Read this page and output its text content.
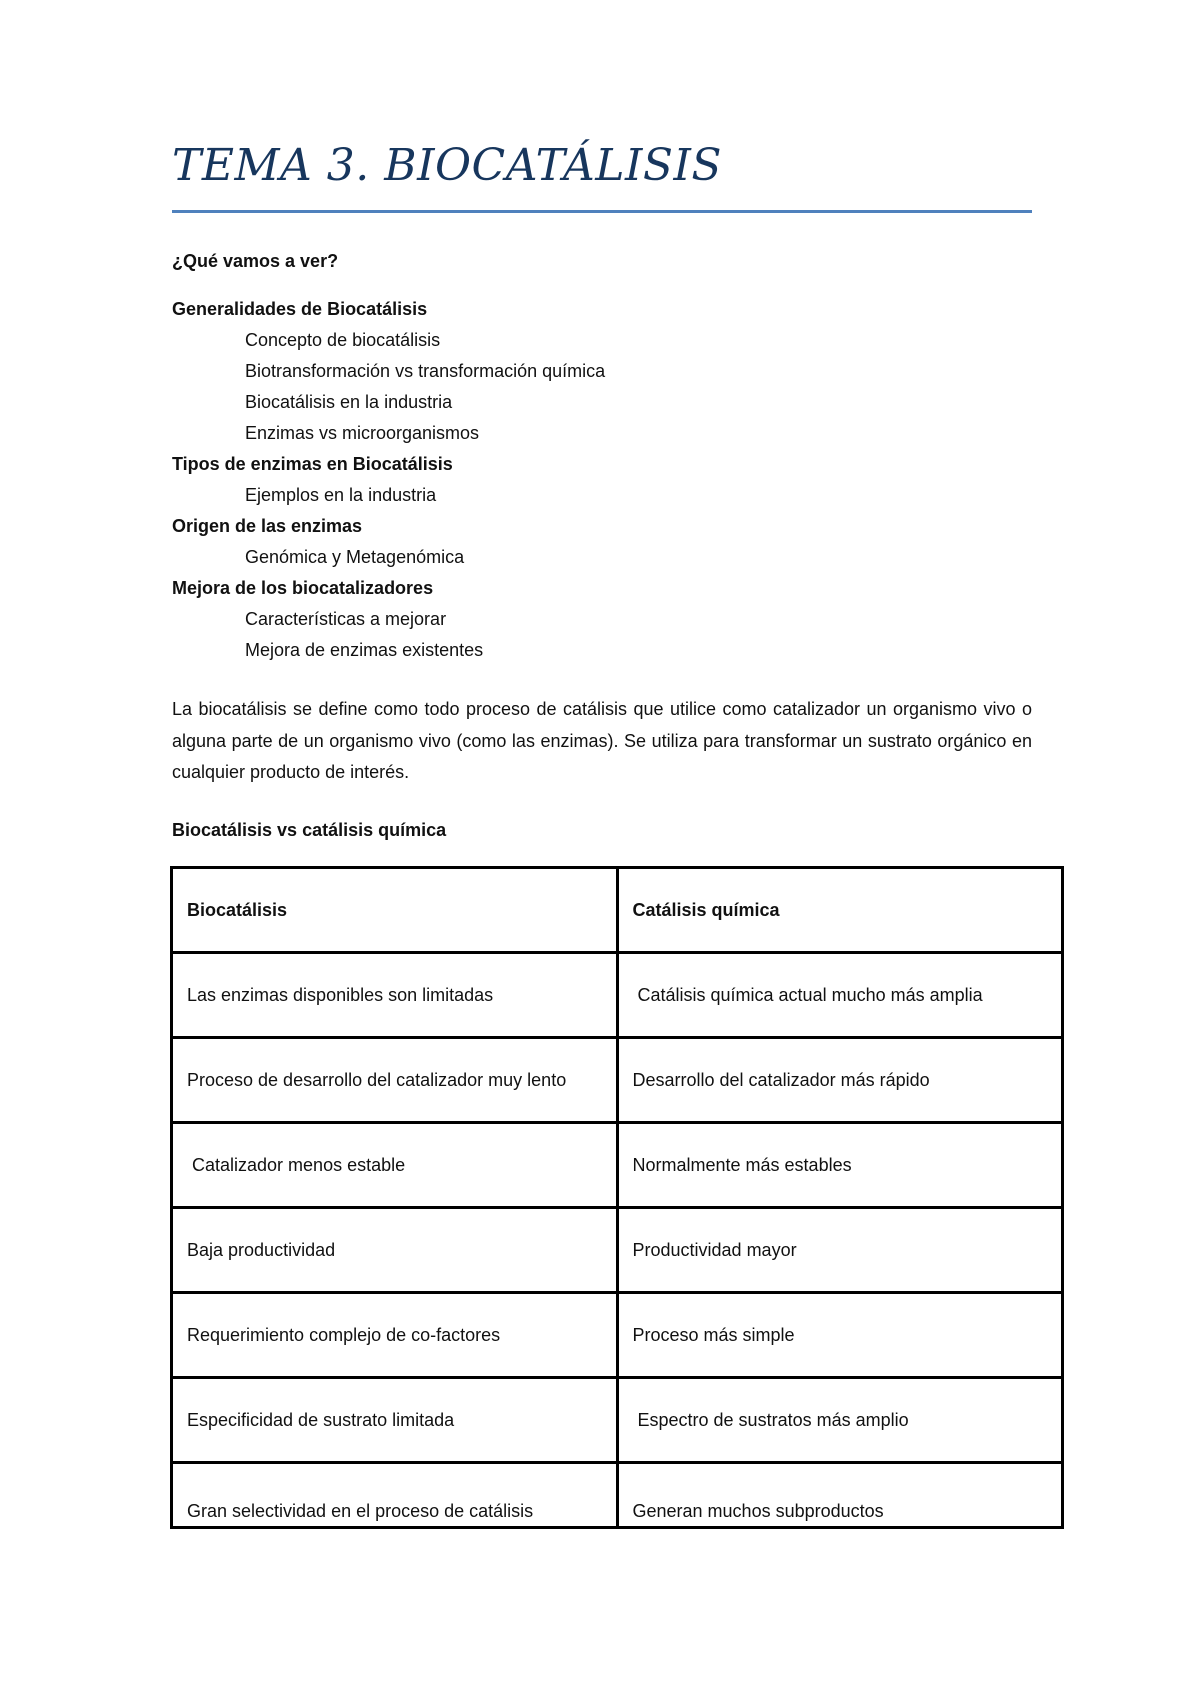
TEMA 3. BIOCATÁLISIS
¿Qué vamos a ver?
Generalidades de Biocatálisis
Concepto de biocatálisis
Biotransformación vs transformación química
Biocatálisis en la industria
Enzimas vs microorganismos
Tipos de enzimas en Biocatálisis
Ejemplos en la industria
Origen de las enzimas
Genómica y Metagenómica
Mejora de los biocatalizadores
Características a mejorar
Mejora de enzimas existentes
La biocatálisis se define como todo proceso de catálisis que utilice como catalizador un organismo vivo o alguna parte de un organismo vivo (como las enzimas). Se utiliza para transformar un sustrato orgánico en cualquier producto de interés.
Biocatálisis vs catálisis química
Biocatálisis	Catálisis química
Las enzimas disponibles son limitadas	Catálisis química actual mucho más amplia
Proceso de desarrollo del catalizador muy lento	Desarrollo del catalizador más rápido
Catalizador menos estable	Normalmente más estables
Baja productividad	Productividad mayor
Requerimiento complejo de co-factores	Proceso más simple
Especificidad de sustrato limitada	Espectro de sustratos más amplio
Gran selectividad en el proceso de catálisis	Generan muchos subproductos
